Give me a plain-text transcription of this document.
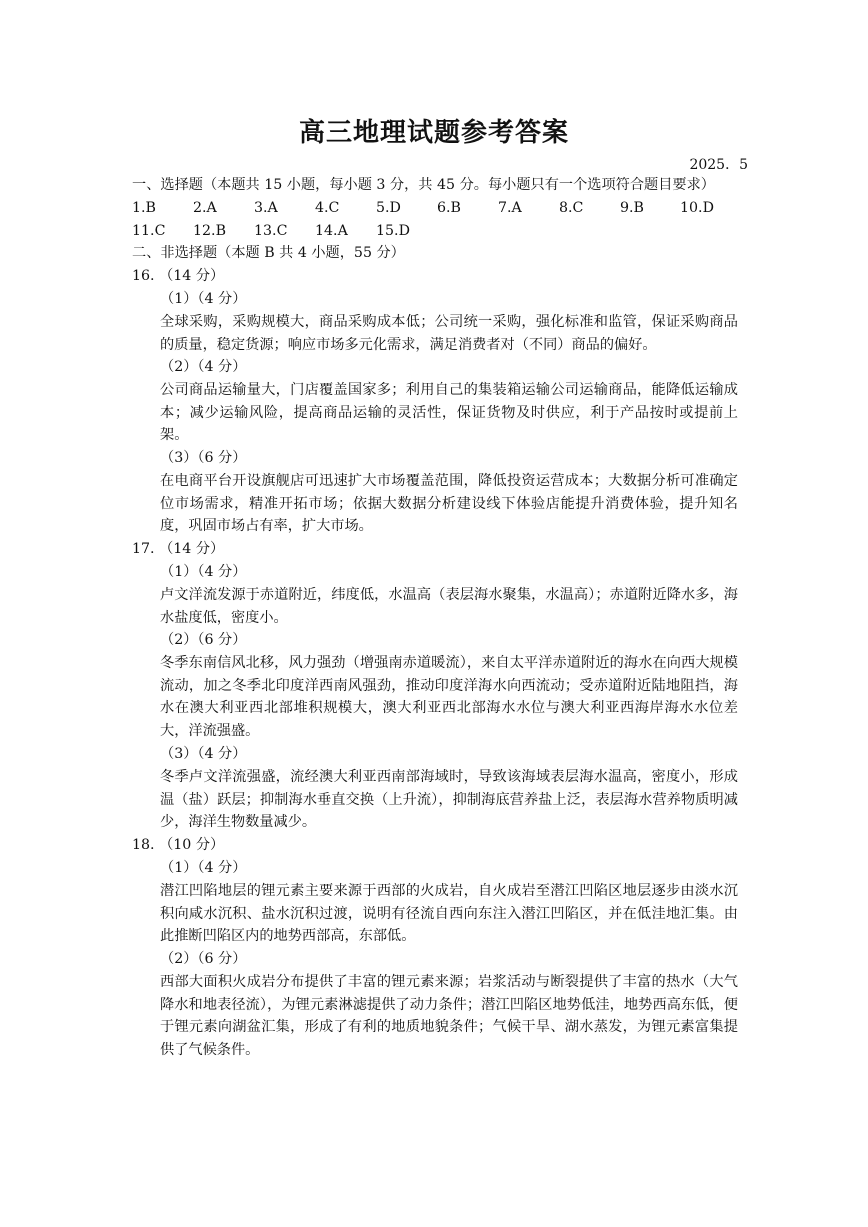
高三地理试题参考答案
2025．5
一、选择题（本题共 15 小题，每小题 3 分，共 45 分。每小题只有一个选项符合题目要求）
1.B	2.A	3.A	4.C	5.D	6.B	7.A	8.C	9.B	10.D
11.C 12.B 13.C 14.A 15.D
二、非选择题（本题 B 共 4 小题，55 分）
16. （14 分）
（1）（4 分）
全球采购，采购规模大，商品采购成本低；公司统一采购，强化标准和监管，保证采购商品的质量，稳定货源；响应市场多元化需求，满足消费者对（不同）商品的偏好。
（2）（4 分）
公司商品运输量大，门店覆盖国家多；利用自己的集装箱运输公司运输商品，能降低运输成本；减少运输风险，提高商品运输的灵活性，保证货物及时供应，利于产品按时或提前上架。
（3）（6 分）
在电商平台开设旗舰店可迅速扩大市场覆盖范围，降低投资运营成本；大数据分析可准确定位市场需求，精准开拓市场；依据大数据分析建设线下体验店能提升消费体验，提升知名度，巩固市场占有率，扩大市场。
17. （14 分）
（1）（4 分）
卢文洋流发源于赤道附近，纬度低，水温高（表层海水聚集，水温高）；赤道附近降水多，海水盐度低，密度小。
（2）（6 分）
冬季东南信风北移，风力强劲（增强南赤道暖流），来自太平洋赤道附近的海水在向西大规模流动，加之冬季北印度洋西南风强劲，推动印度洋海水向西流动；受赤道附近陆地阻挡，海水在澳大利亚西北部堆积规模大，澳大利亚西北部海水水位与澳大利亚西海岸海水水位差大，洋流强盛。
（3）（4 分）
冬季卢文洋流强盛，流经澳大利亚西南部海域时，导致该海域表层海水温高，密度小，形成温（盐）跃层；抑制海水垂直交换（上升流），抑制海底营养盐上泛，表层海水营养物质明减少，海洋生物数量减少。
18. （10 分）
（1）（4 分）
潜江凹陷地层的锂元素主要来源于西部的火成岩，自火成岩至潜江凹陷区地层逐步由淡水沉积向咸水沉积、盐水沉积过渡，说明有径流自西向东注入潜江凹陷区，并在低洼地汇集。由此推断凹陷区内的地势西部高，东部低。
（2）（6 分）
西部大面积火成岩分布提供了丰富的锂元素来源；岩浆活动与断裂提供了丰富的热水（大气降水和地表径流），为锂元素淋滤提供了动力条件；潜江凹陷区地势低洼，地势西高东低，便于锂元素向湖盆汇集，形成了有利的地质地貌条件；气候干旱、湖水蒸发，为锂元素富集提供了气候条件。
